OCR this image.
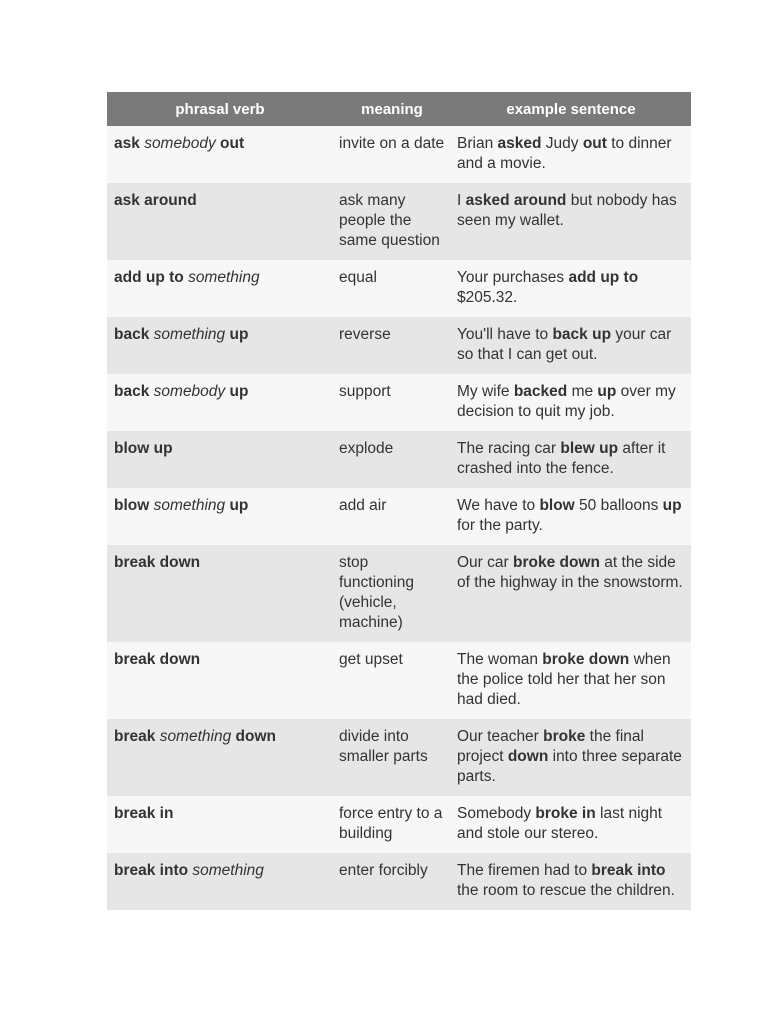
phrasal verb	meaning	example sentence
ask somebody out	invite on a date	Brian asked Judy out to dinner and a movie.
ask around	ask many people the same question	I asked around but nobody has seen my wallet.
add up to something	equal	Your purchases add up to $205.32.
back something up	reverse	You'll have to back up your car so that I can get out.
back somebody up	support	My wife backed me up over my decision to quit my job.
blow up	explode	The racing car blew up after it crashed into the fence.
blow something up	add air	We have to blow 50 balloons up for the party.
break down	stop functioning (vehicle, machine)	Our car broke down at the side of the highway in the snowstorm.
break down	get upset	The woman broke down when the police told her that her son had died.
break something down	divide into smaller parts	Our teacher broke the final project down into three separate parts.
break in	force entry to a building	Somebody broke in last night and stole our stereo.
break into something	enter forcibly	The firemen had to break into the room to rescue the children.
